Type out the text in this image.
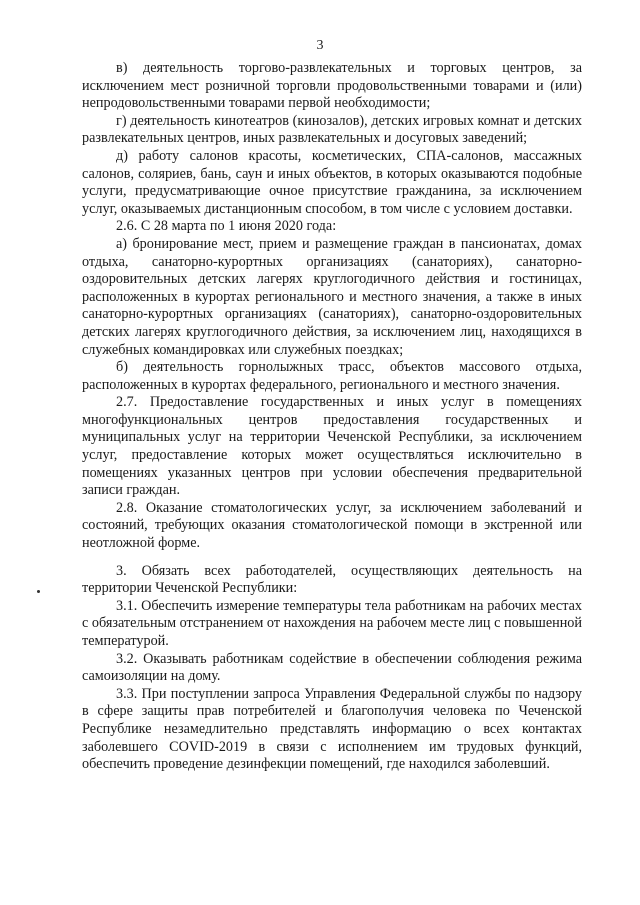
3

в) деятельность торгово-развлекательных и торговых центров, за исключением мест розничной торговли продовольственными товарами и (или) непродовольственными товарами первой необходимости;

г) деятельность кинотеатров (кинозалов), детских игровых комнат и детских развлекательных центров, иных развлекательных и досуговых заведений;

д) работу салонов красоты, косметических, СПА-салонов, массажных салонов, соляриев, бань, саун и иных объектов, в которых оказываются подобные услуги, предусматривающие очное присутствие гражданина, за исключением услуг, оказываемых дистанционным способом, в том числе с условием доставки.

2.6. С 28 марта по 1 июня 2020 года:

а) бронирование мест, прием и размещение граждан в пансионатах, домах отдыха, санаторно-курортных организациях (санаториях), санаторно-оздоровительных детских лагерях круглогодичного действия и гостиницах, расположенных в курортах регионального и местного значения, а также в иных санаторно-курортных организациях (санаториях), санаторно-оздоровительных детских лагерях круглогодичного действия, за исключением лиц, находящихся в служебных командировках или служебных поездках;

б) деятельность горнолыжных трасс, объектов массового отдыха, расположенных в курортах федерального, регионального и местного значения.

2.7. Предоставление государственных и иных услуг в помещениях многофункциональных центров предоставления государственных и муниципальных услуг на территории Чеченской Республики, за исключением услуг, предоставление которых может осуществляться исключительно в помещениях указанных центров при условии обеспечения предварительной записи граждан.

2.8. Оказание стоматологических услуг, за исключением заболеваний и состояний, требующих оказания стоматологической помощи в экстренной или неотложной форме.

3. Обязать всех работодателей, осуществляющих деятельность на территории Чеченской Республики:

3.1. Обеспечить измерение температуры тела работникам на рабочих местах с обязательным отстранением от нахождения на рабочем месте лиц с повышенной температурой.

3.2. Оказывать работникам содействие в обеспечении соблюдения режима самоизоляции на дому.

3.3. При поступлении запроса Управления Федеральной службы по надзору в сфере защиты прав потребителей и благополучия человека по Чеченской Республике незамедлительно представлять информацию о всех контактах заболевшего COVID-2019 в связи с исполнением им трудовых функций, обеспечить проведение дезинфекции помещений, где находился заболевший.
